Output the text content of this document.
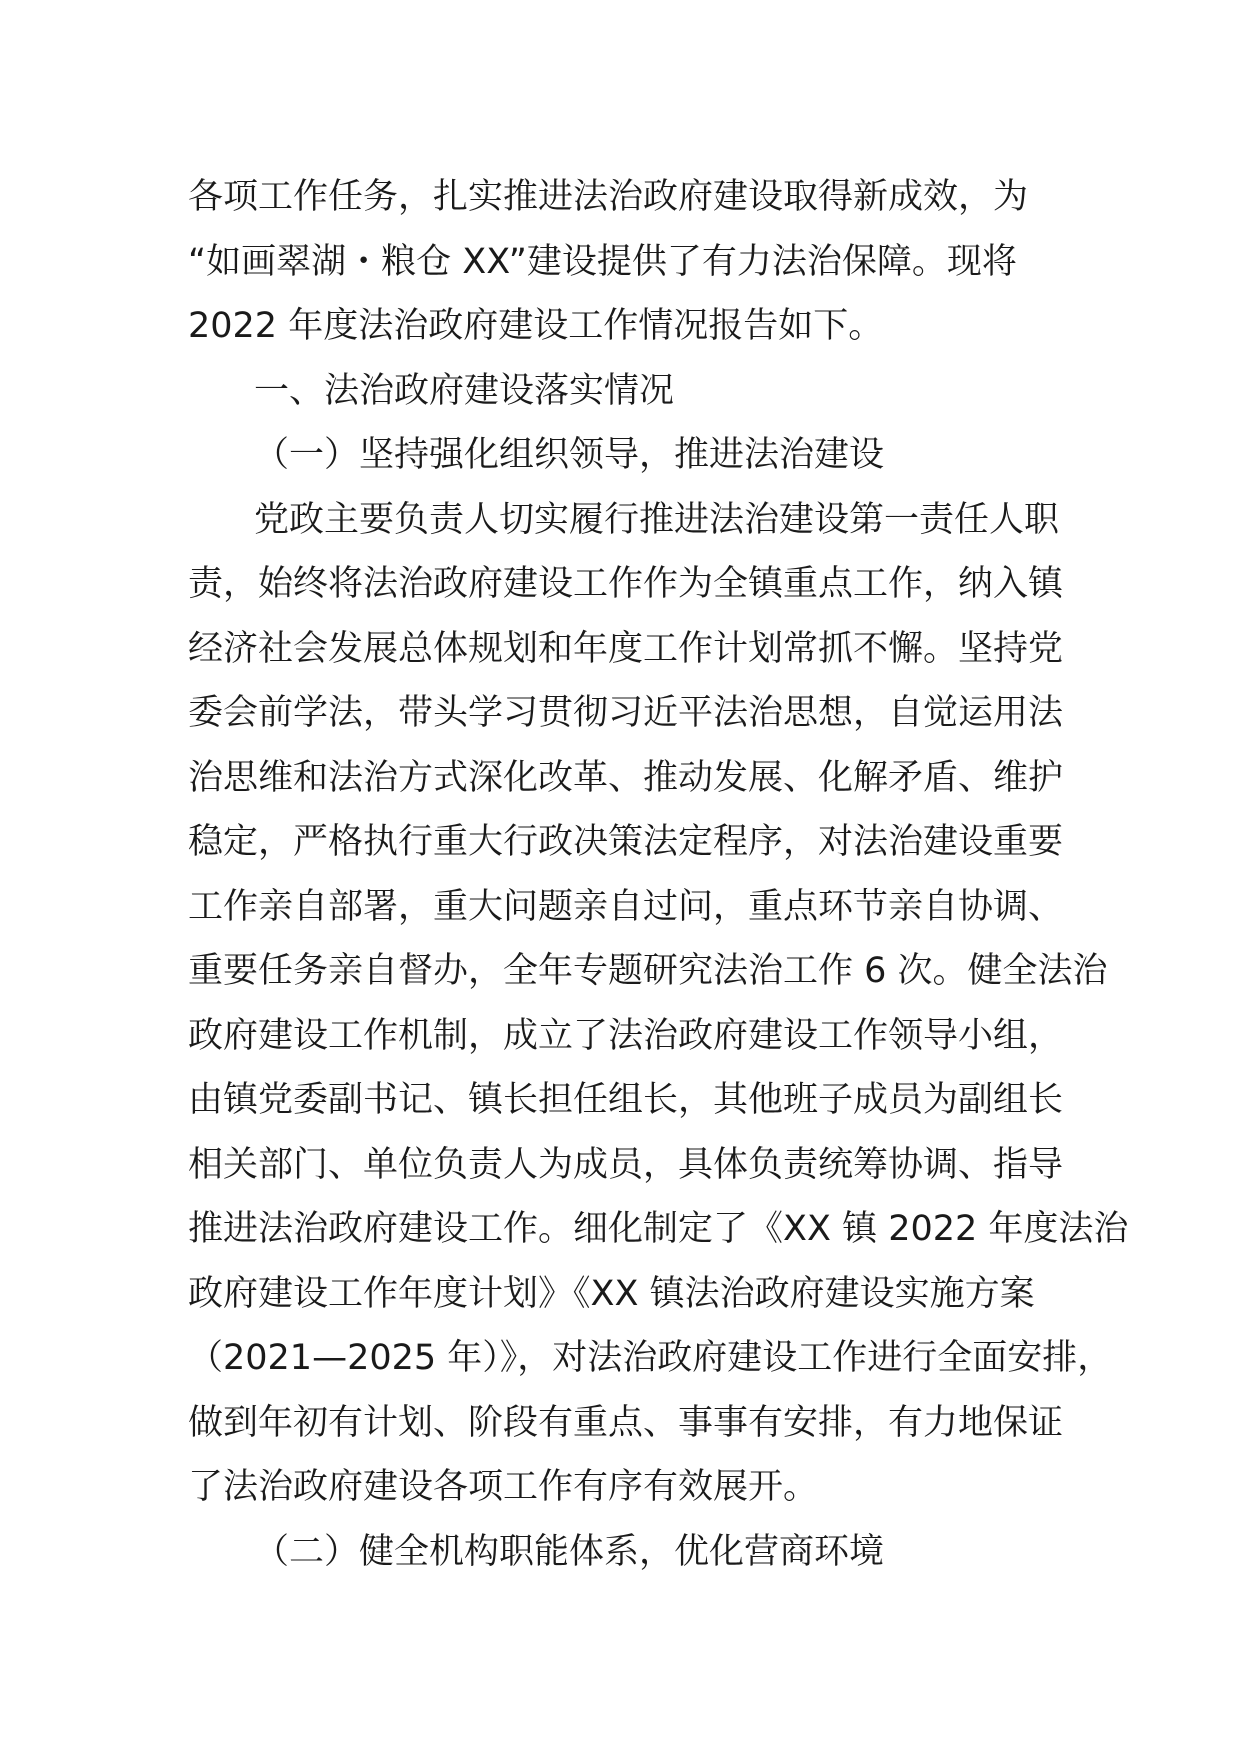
各项工作任务，扎实推进法治政府建设取得新成效，为
“如画翠湖・粮仓 XX”建设提供了有力法治保障。现将
2022 年度法治政府建设工作情况报告如下。
一、法治政府建设落实情况
（一）坚持强化组织领导，推进法治建设
党政主要负责人切实履行推进法治建设第一责任人职
责，始终将法治政府建设工作作为全镇重点工作，纳入镇
经济社会发展总体规划和年度工作计划常抓不懈。坚持党
委会前学法，带头学习贯彻习近平法治思想，自觉运用法
治思维和法治方式深化改革、推动发展、化解矛盾、维护
稳定，严格执行重大行政决策法定程序，对法治建设重要
工作亲自部署，重大问题亲自过问，重点环节亲自协调、
重要任务亲自督办，全年专题研究法治工作 6 次。健全法治
政府建设工作机制，成立了法治政府建设工作领导小组，
由镇党委副书记、镇长担任组长，其他班子成员为副组长
相关部门、单位负责人为成员，具体负责统筹协调、指导
推进法治政府建设工作。细化制定了《XX 镇 2022 年度法治
政府建设工作年度计划》《XX 镇法治政府建设实施方案
（2021—2025 年）》，对法治政府建设工作进行全面安排，
做到年初有计划、阶段有重点、事事有安排，有力地保证
了法治政府建设各项工作有序有效展开。
（二）健全机构职能体系，优化营商环境
